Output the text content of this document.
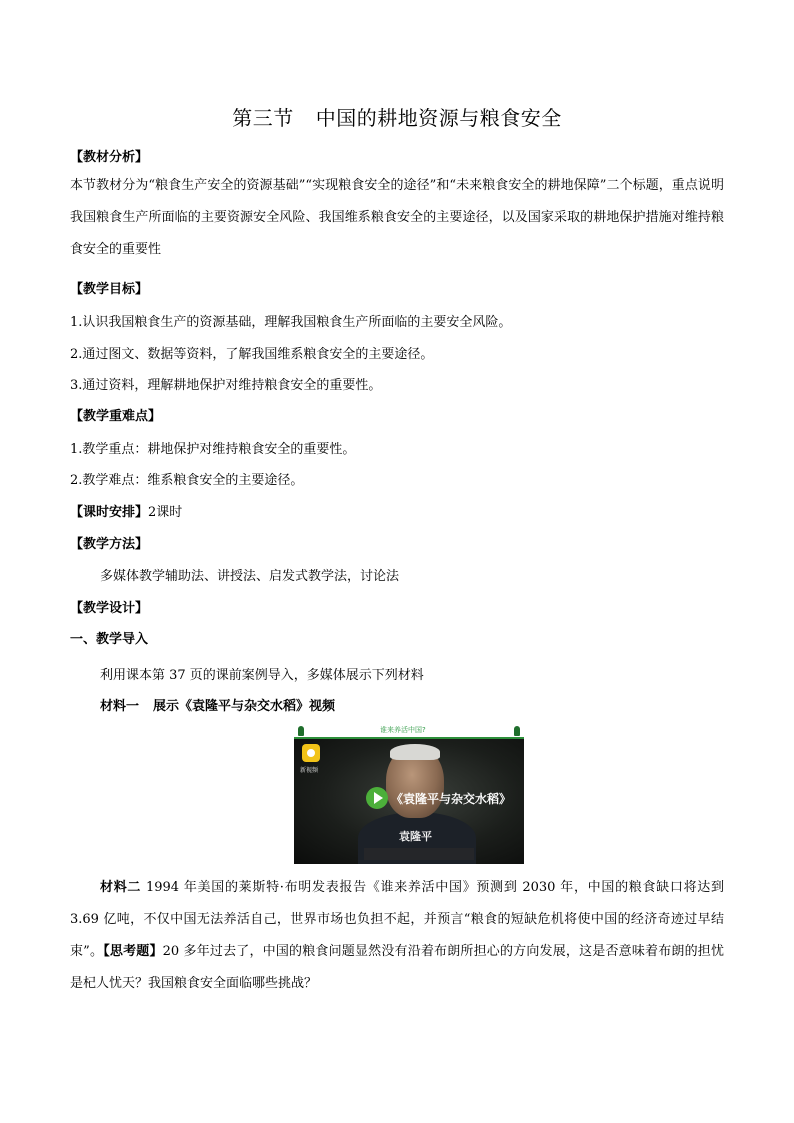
第三节 中国的耕地资源与粮食安全
【教材分析】
本节教材分为“粮食生产安全的资源基础”“实现粮食安全的途径”和“未来粮食安全的耕地保障”二个标题，重点说明我国粮食生产所面临的主要资源安全风险、我国维系粮食安全的主要途径，以及国家采取的耕地保护措施对维持粮食安全的重要性
【教学目标】
1.认识我国粮食生产的资源基础，理解我国粮食生产所面临的主要安全风险。
2.通过图文、数据等资料，了解我国维系粮食安全的主要途径。
3.通过资料，理解耕地保护对维持粮食安全的重要性。
【教学重难点】
1.教学重点：耕地保护对维持粮食安全的重要性。
2.教学难点：维系粮食安全的主要途径。
【课时安排】2课时
【教学方法】
多媒体教学辅助法、讲授法、启发式教学法，讨论法
【教学设计】
一、教学导入
利用课本第 37 页的课前案例导入，多媒体展示下列材料
材料一 展示《袁隆平与杂交水稻》视频
谁来养活中国?
新视频
《袁隆平与杂交水稻》
袁隆平
材料二 1994 年美国的莱斯特·布明发表报告《谁来养活中国》预测到 2030 年，中国的粮食缺口将达到 3.69 亿吨，不仅中国无法养活自己，世界市场也负担不起，并预言“粮食的短缺危机将使中国的经济奇迹过早结束”。【思考题】20 多年过去了，中国的粮食问题显然没有沿着布朗所担心的方向发展，这是否意味着布朗的担忧是杞人忧天？我国粮食安全面临哪些挑战？
